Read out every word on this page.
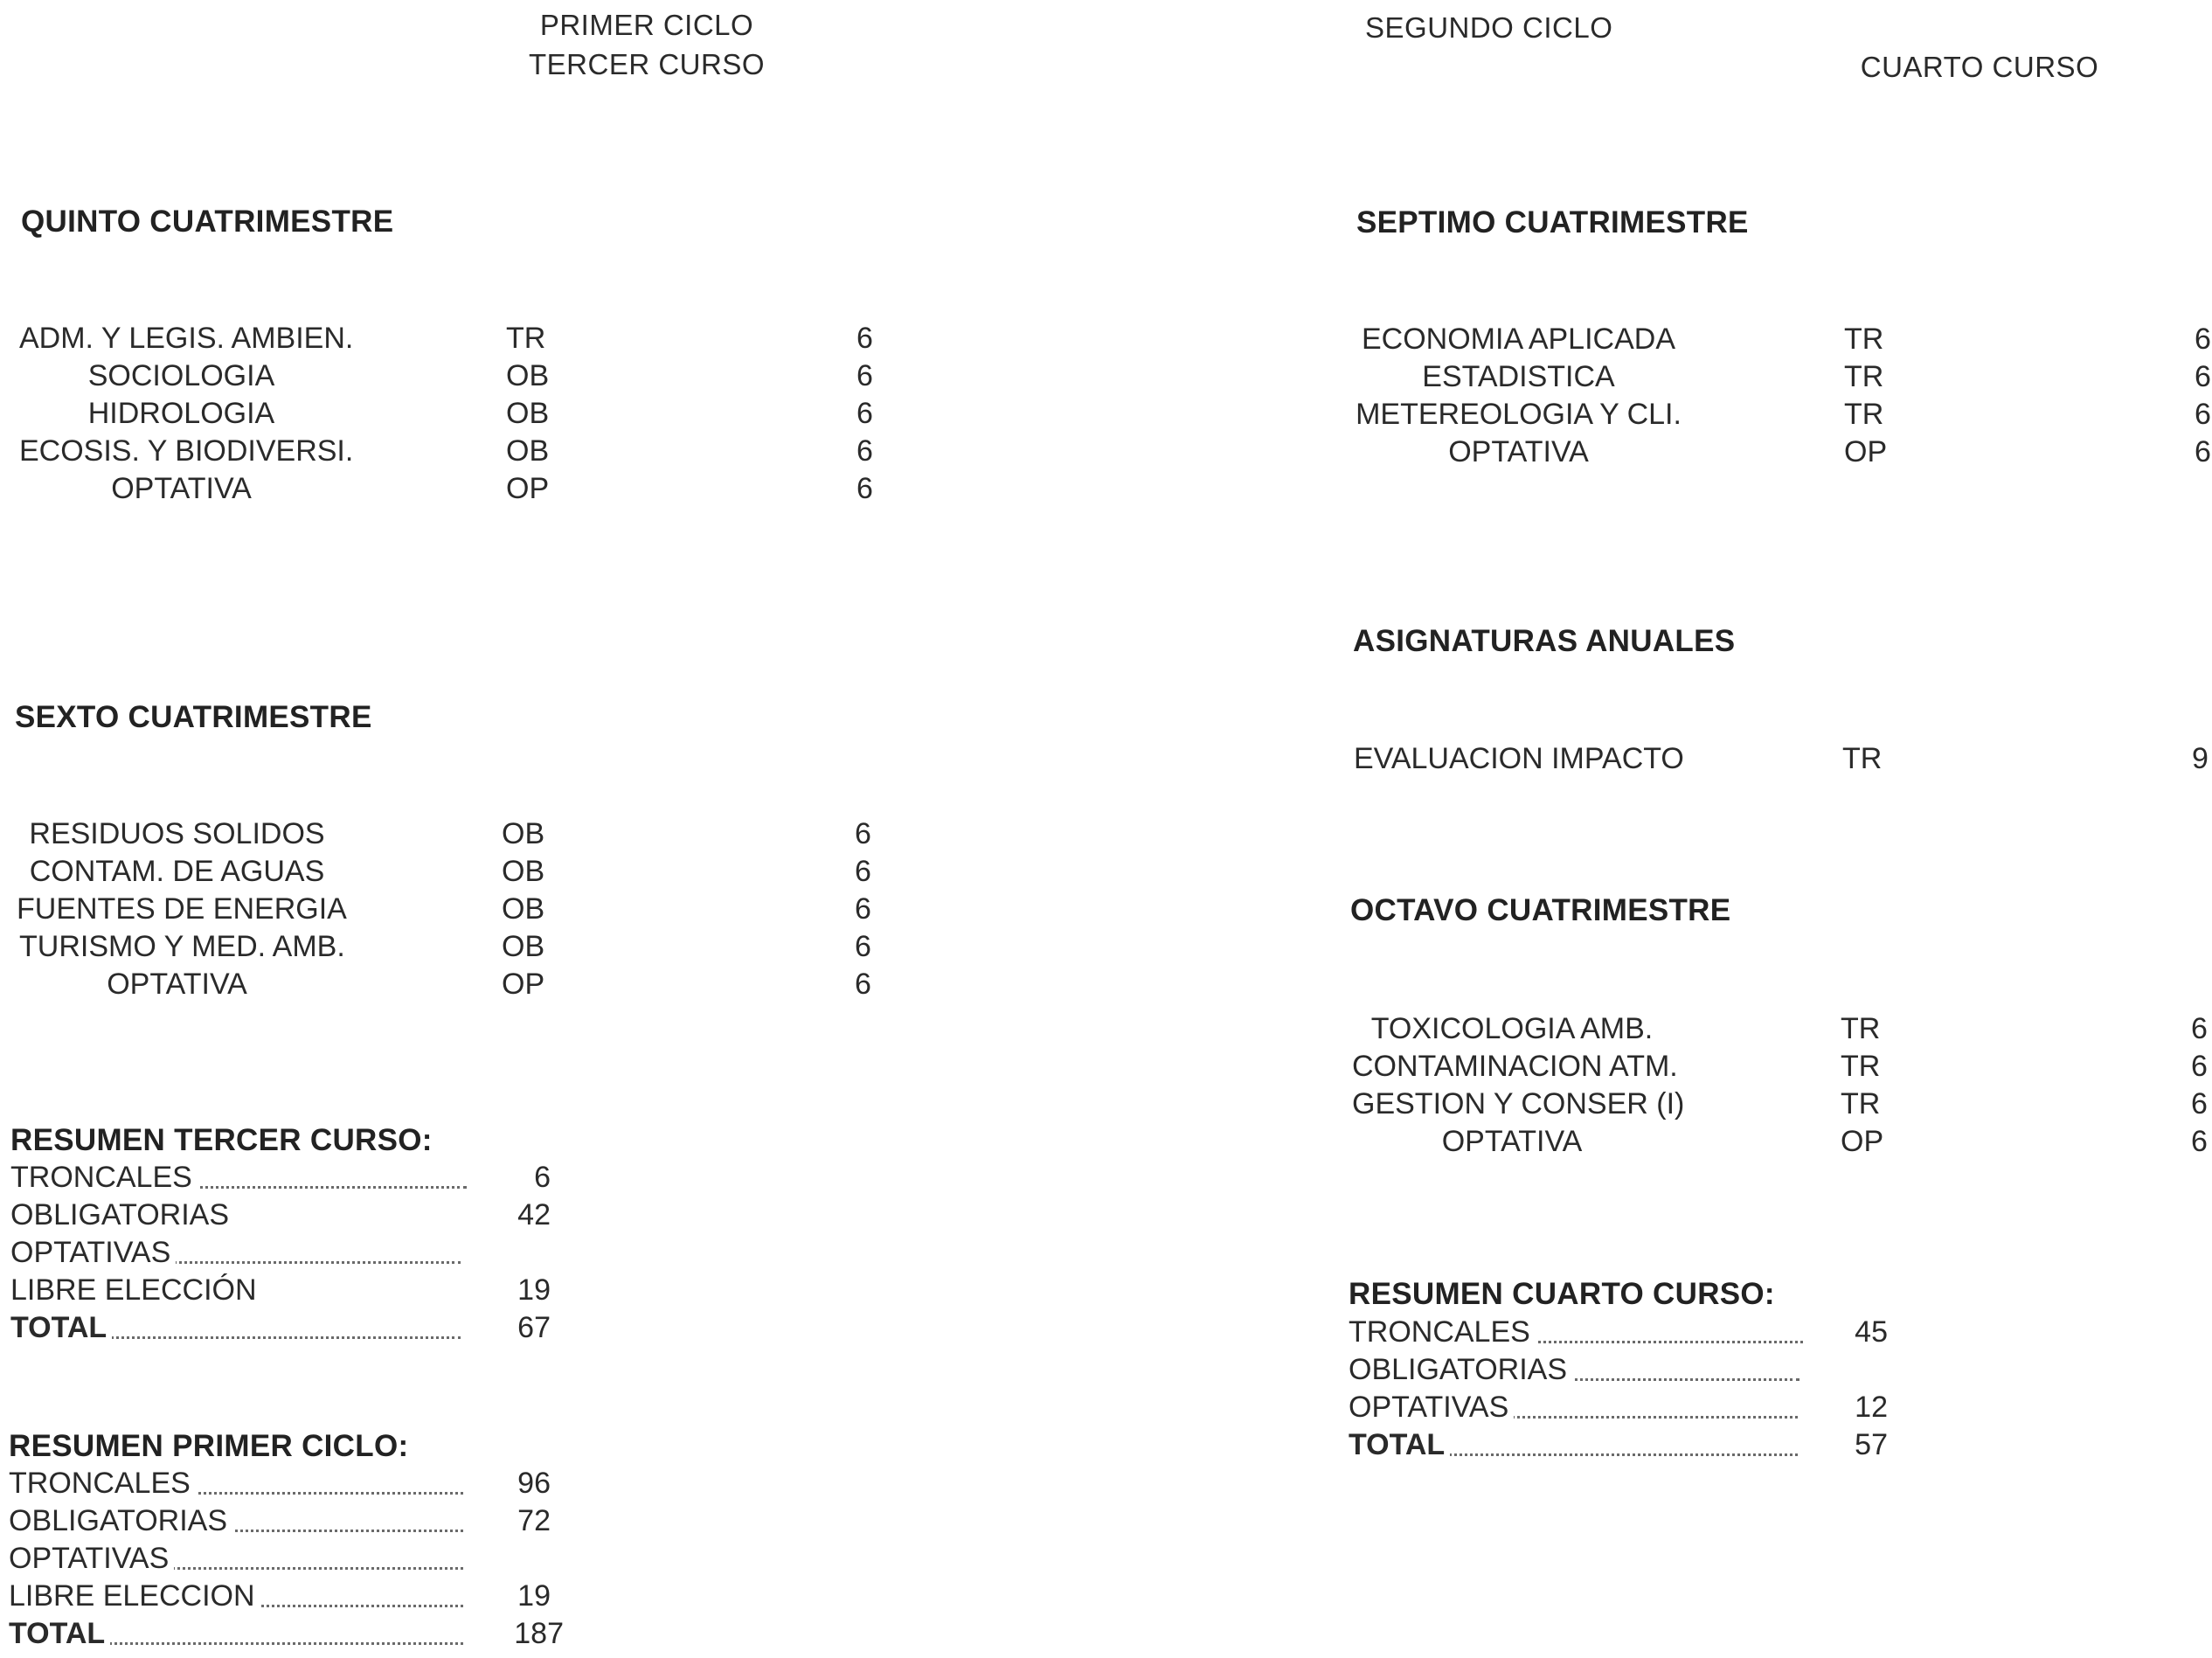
PRIMER CICLO
TERCER CURSO
SEGUNDO CICLO
CUARTO CURSO
QUINTO CUATRIMESTRE
ADM. Y LEGIS. AMBIEN.	TR	6
SOCIOLOGIA	OB	6
HIDROLOGIA	OB	6
ECOSIS. Y BIODIVERSI.	OB	6
OPTATIVA	OP	6
SEXTO CUATRIMESTRE
RESIDUOS SOLIDOS	OB	6
CONTAM. DE AGUAS	OB	6
FUENTES DE ENERGIA	OB	6
TURISMO Y MED. AMB.	OB	6
OPTATIVA	OP	6
RESUMEN TERCER CURSO:
TRONCALES	6
OBLIGATORIAS	42
OPTATIVAS
LIBRE ELECCIÓN	19
TOTAL	67
RESUMEN PRIMER CICLO:
TRONCALES	96
OBLIGATORIAS	72
OPTATIVAS
LIBRE ELECCION	19
TOTAL	187
SEPTIMO CUATRIMESTRE
ECONOMIA APLICADA	TR	6
ESTADISTICA	TR	6
METEREOLOGIA Y CLI.	TR	6
OPTATIVA	OP	6
ASIGNATURAS ANUALES
EVALUACION IMPACTO	TR	9
OCTAVO CUATRIMESTRE
TOXICOLOGIA AMB.	TR	6
CONTAMINACION ATM.	TR	6
GESTION Y CONSER (I)	TR	6
OPTATIVA	OP	6
RESUMEN CUARTO CURSO:
TRONCALES	45
OBLIGATORIAS
OPTATIVAS	12
TOTAL	57
